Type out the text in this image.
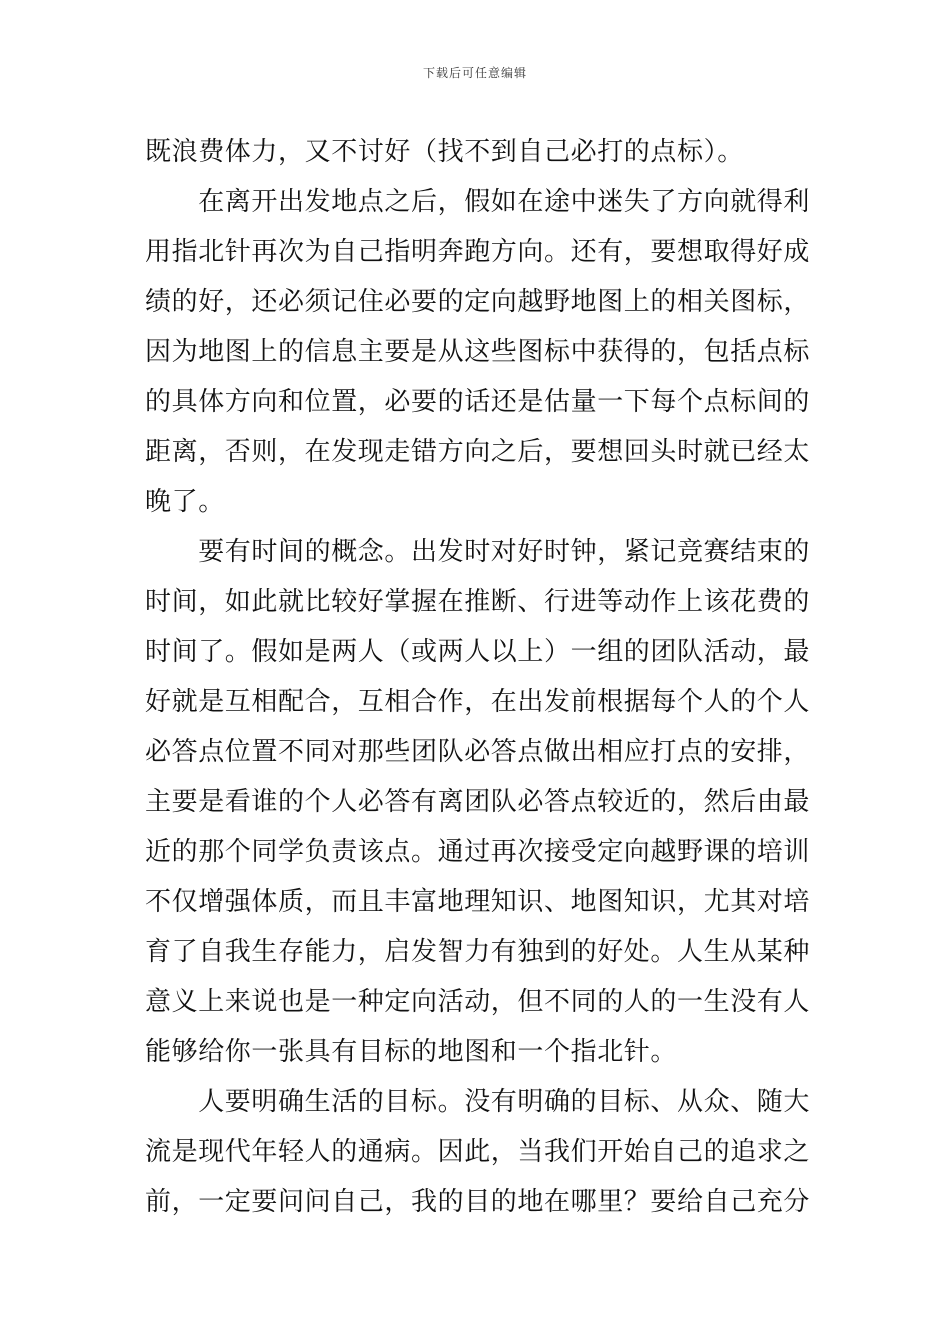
下载后可任意编辑
既浪费体力，又不讨好（找不到自己必打的点标）。
　　在离开出发地点之后，假如在途中迷失了方向就得利
用指北针再次为自己指明奔跑方向。还有，要想取得好成
绩的好，还必须记住必要的定向越野地图上的相关图标，
因为地图上的信息主要是从这些图标中获得的，包括点标
的具体方向和位置，必要的话还是估量一下每个点标间的
距离，否则，在发现走错方向之后，要想回头时就已经太
晚了。
　　要有时间的概念。出发时对好时钟，紧记竞赛结束的
时间，如此就比较好掌握在推断、行进等动作上该花费的
时间了。假如是两人（或两人以上）一组的团队活动，最
好就是互相配合，互相合作，在出发前根据每个人的个人
必答点位置不同对那些团队必答点做出相应打点的安排，
主要是看谁的个人必答有离团队必答点较近的，然后由最
近的那个同学负责该点。通过再次接受定向越野课的培训
不仅增强体质，而且丰富地理知识、地图知识，尤其对培
育了自我生存能力，启发智力有独到的好处。人生从某种
意义上来说也是一种定向活动，但不同的人的一生没有人
能够给你一张具有目标的地图和一个指北针。
　　人要明确生活的目标。没有明确的目标、从众、随大
流是现代年轻人的通病。因此，当我们开始自己的追求之
前，一定要问问自己，我的目的地在哪里？要给自己充分
